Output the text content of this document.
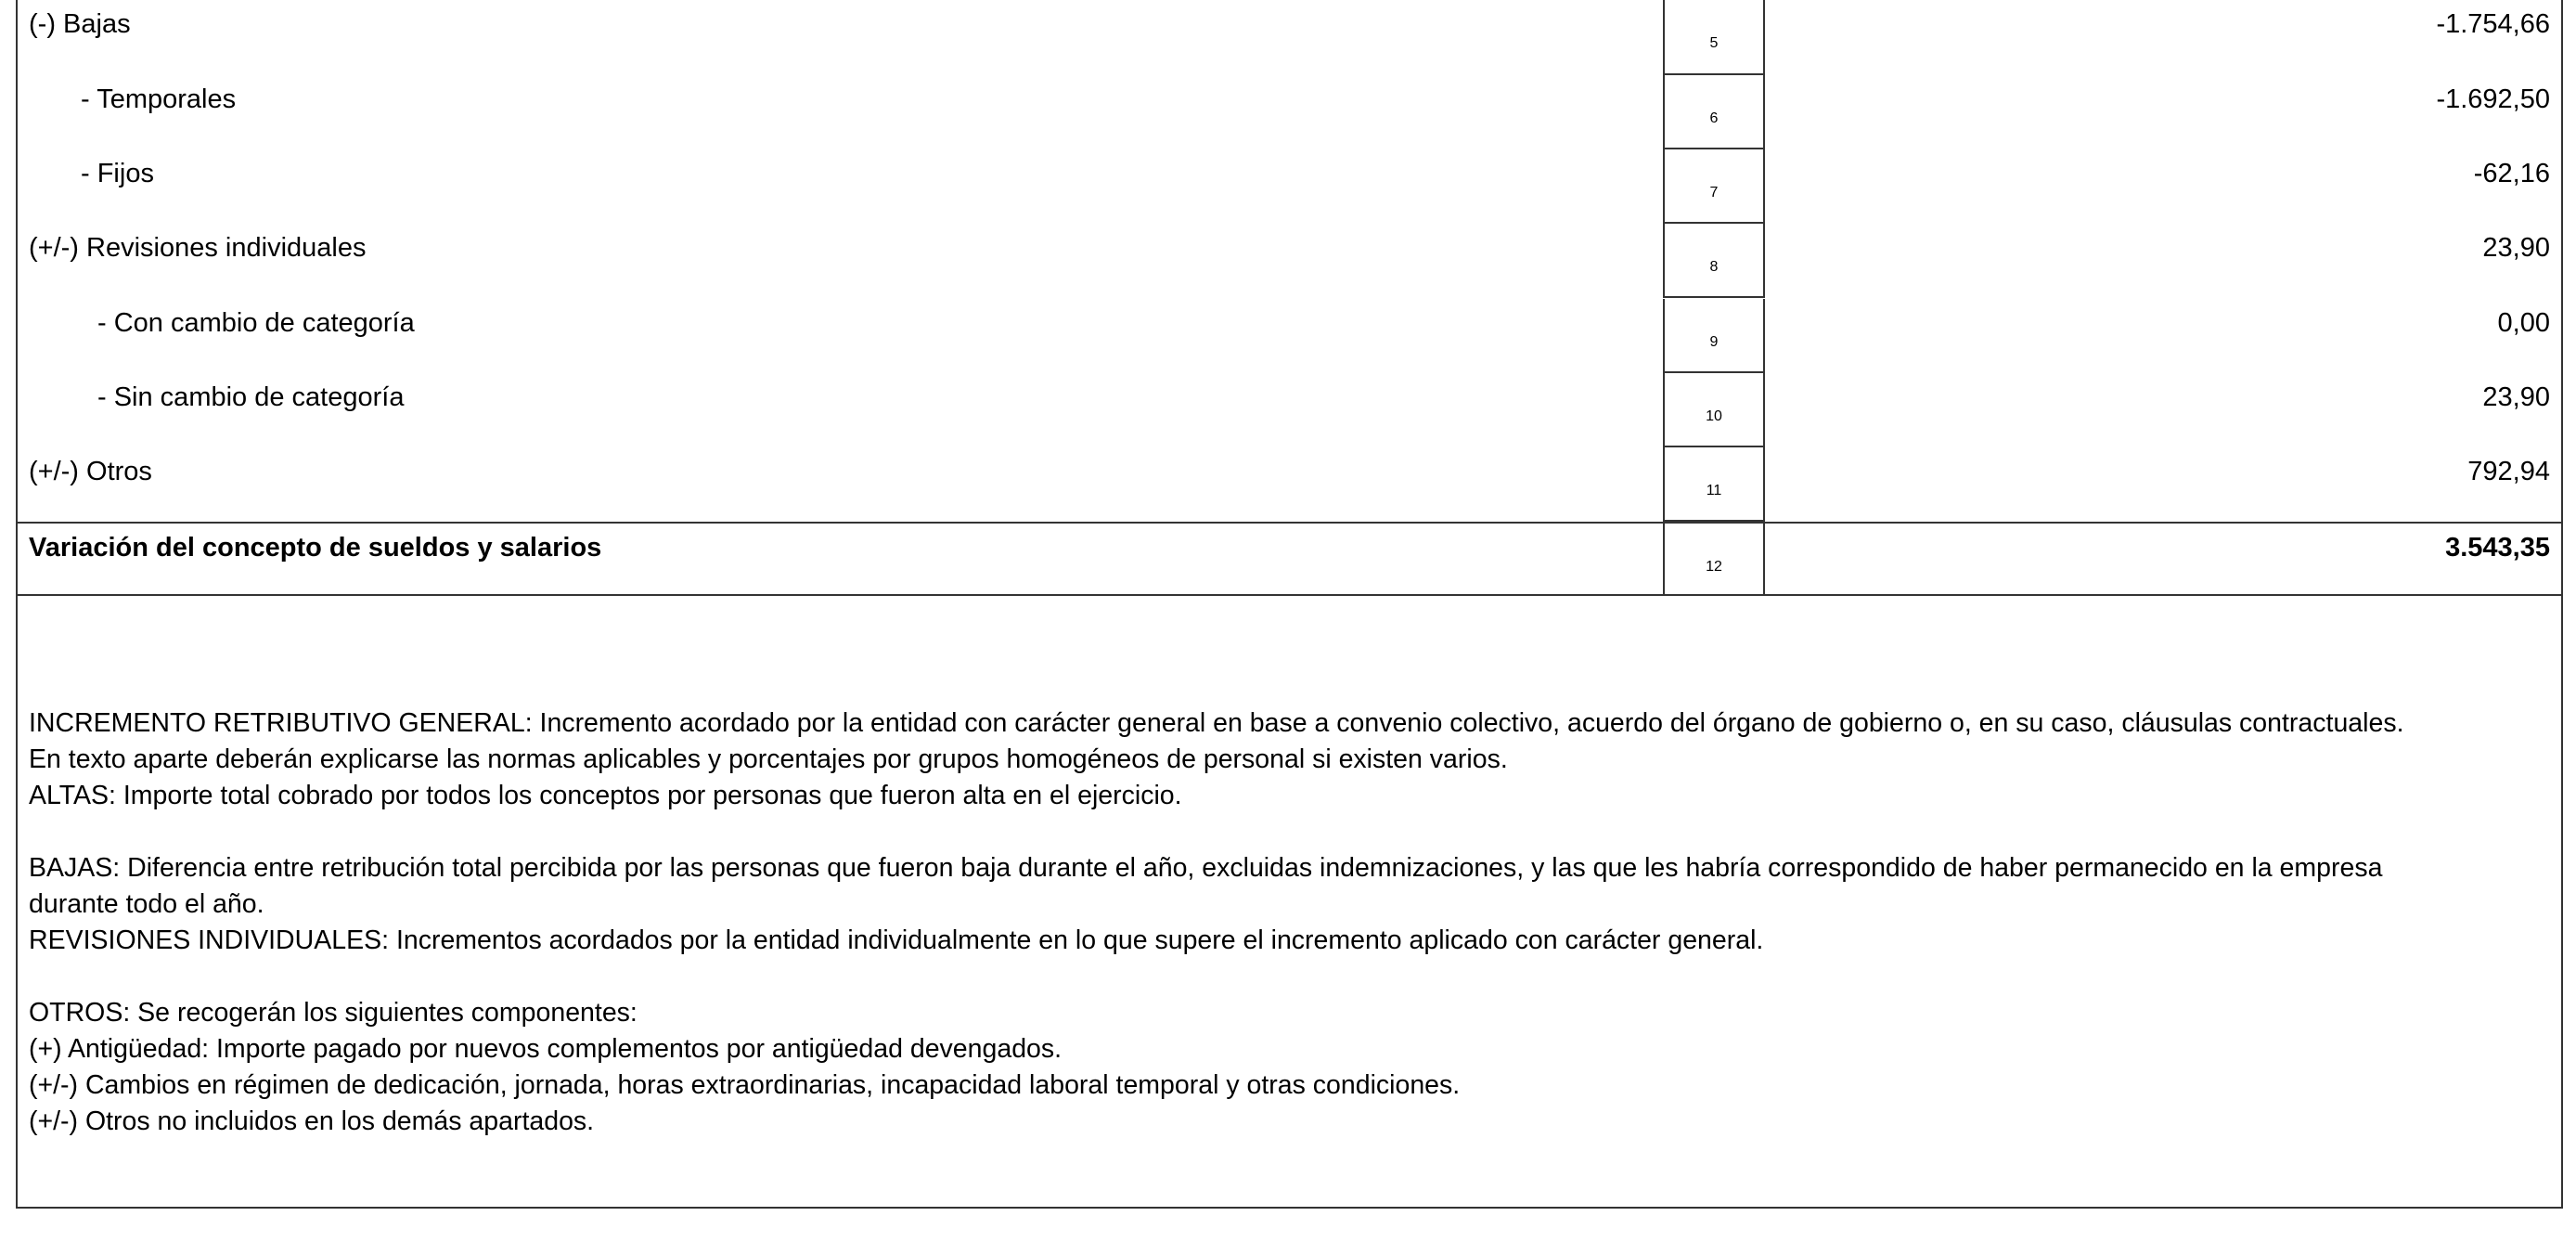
(-) Bajas
5
-1.754,66
- Temporales
6
-1.692,50
- Fijos
7
-62,16
(+/-) Revisiones individuales
8
23,90
- Con cambio de categoría
9
0,00
- Sin cambio de categoría
10
23,90
(+/-) Otros
11
792,94
Variación del concepto de sueldos y salarios
12
3.543,35

INCREMENTO RETRIBUTIVO GENERAL: Incremento acordado por la entidad con carácter general en base a convenio colectivo, acuerdo del órgano de gobierno o, en su caso, cláusulas contractuales.

En texto aparte deberán explicarse las normas aplicables y porcentajes por grupos homogéneos de personal si existen varios.

ALTAS: Importe total cobrado por todos los conceptos por personas que fueron alta en el ejercicio.

BAJAS: Diferencia entre retribución total percibida por las personas que fueron baja durante el año, excluidas indemnizaciones, y las que les habría correspondido de haber permanecido en la empresa

durante todo el año.

REVISIONES INDIVIDUALES: Incrementos acordados por la entidad individualmente en lo que supere el incremento aplicado con carácter general.

OTROS: Se recogerán los siguientes componentes:

(+) Antigüedad: Importe pagado por nuevos complementos por antigüedad devengados.

(+/-) Cambios en régimen de dedicación, jornada, horas extraordinarias, incapacidad laboral temporal y otras condiciones.

(+/-) Otros no incluidos en los demás apartados.
